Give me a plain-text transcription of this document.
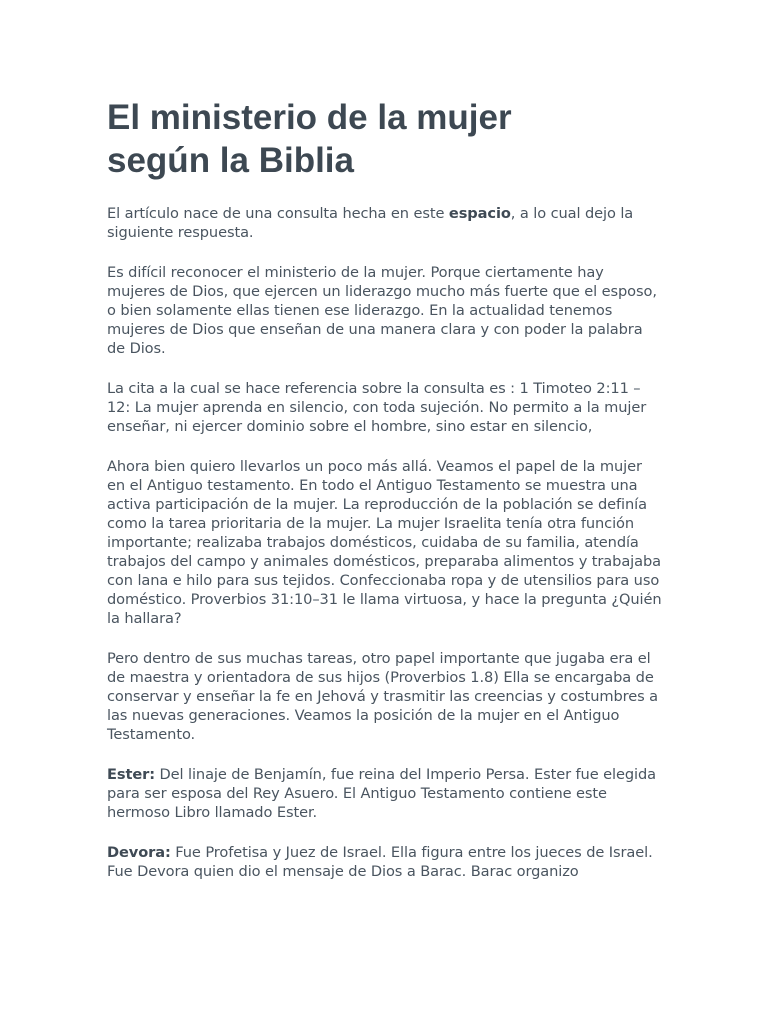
El ministerio de la mujer
según la Biblia

El artículo nace de una consulta hecha en este espacio, a lo cual dejo la siguiente respuesta.

Es difícil reconocer el ministerio de la mujer. Porque ciertamente hay mujeres de Dios, que ejercen un liderazgo mucho más fuerte que el esposo, o bien solamente ellas tienen ese liderazgo. En la actualidad tenemos mujeres de Dios que enseñan de una manera clara y con poder la palabra de Dios.

La cita a la cual se hace referencia sobre la consulta es : 1 Timoteo 2:11 – 12: La mujer aprenda en silencio, con toda sujeción. No permito a la mujer enseñar, ni ejercer dominio sobre el hombre, sino estar en silencio,

Ahora bien quiero llevarlos un poco más allá. Veamos el papel de la mujer en el Antiguo testamento. En todo el Antiguo Testamento se muestra una activa participación de la mujer. La reproducción de la población se definía como la tarea prioritaria de la mujer. La mujer Israelita tenía otra función importante; realizaba trabajos domésticos, cuidaba de su familia, atendía trabajos del campo y animales domésticos, preparaba alimentos y trabajaba con lana e hilo para sus tejidos. Confeccionaba ropa y de utensilios para uso doméstico. Proverbios 31:10–31 le llama virtuosa, y hace la pregunta ¿Quién la hallara?

Pero dentro de sus muchas tareas, otro papel importante que jugaba era el de maestra y orientadora de sus hijos (Proverbios 1.8) Ella se encargaba de conservar y enseñar la fe en Jehová y trasmitir las creencias y costumbres a las nuevas generaciones. Veamos la posición de la mujer en el Antiguo Testamento.

Ester: Del linaje de Benjamín, fue reina del Imperio Persa. Ester fue elegida para ser esposa del Rey Asuero. El Antiguo Testamento contiene este hermoso Libro llamado Ester.

Devora: Fue Profetisa y Juez de Israel. Ella figura entre los jueces de Israel. Fue Devora quien dio el mensaje de Dios a Barac. Barac organizo
